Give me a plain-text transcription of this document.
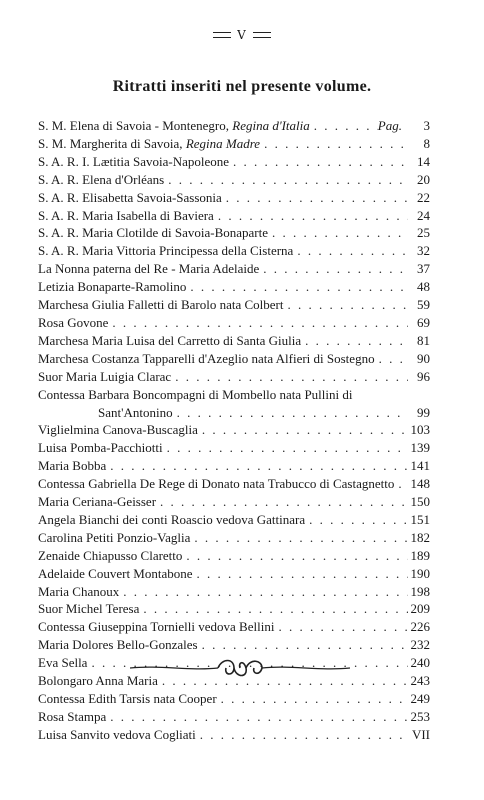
V
Ritratti inseriti nel presente volume.
S. M. Elena di Savoia - Montenegro, Regina d'Italia . . .	Pag.	3
S. M. Margherita di Savoia, Regina Madre . . .	8
S. A. R. I. Lætitia Savoia-Napoleone . . .	14
S. A. R. Elena d'Orléans . . .	20
S. A. R. Elisabetta Savoia-Sassonia . . .	22
S. A. R. Maria Isabella di Baviera . . .	24
S. A. R. Maria Clotilde di Savoia-Bonaparte . . .	25
S. A. R. Maria Vittoria Principessa della Cisterna . . .	32
La Nonna paterna del Re - Maria Adelaide . . .	37
Letizia Bonaparte-Ramolino . . .	48
Marchesa Giulia Falletti di Barolo nata Colbert . . .	59
Rosa Govone . . .	69
Marchesa Maria Luisa del Carretto di Santa Giulia . . .	81
Marchesa Costanza Tapparelli d'Azeglio nata Alfieri di Sostegno . . .	90
Suor Maria Luigia Clarac . . .	96
Contessa Barbara Boncompagni di Mombello nata Pullini di
Sant'Antonino . . .	99
Viglielmina Canova-Buscaglia . . .	103
Luisa Pomba-Pacchiotti . . .	139
Maria Bobba . . .	141
Contessa Gabriella De Rege di Donato nata Trabucco di Castagnetto . . . 148
Maria Ceriana-Geisser . . .	150
Angela Bianchi dei conti Roascio vedova Gattinara . . .	151
Carolina Petiti Ponzio-Vaglia . . .	182
Zenaide Chiapusso Claretto . . .	189
Adelaide Couvert Montabone . . .	190
Maria Chanoux . . .	198
Suor Michel Teresa . . .	209
Contessa Giuseppina Tornielli vedova Bellini . . .	226
Maria Dolores Bello-Gonzales . . .	232
Eva Sella . . .	240
Bolongaro Anna Maria . . .	243
Contessa Edith Tarsis nata Cooper . . .	249
Rosa Stampa . . .	253
Luisa Sanvito vedova Cogliati . . .	VII
